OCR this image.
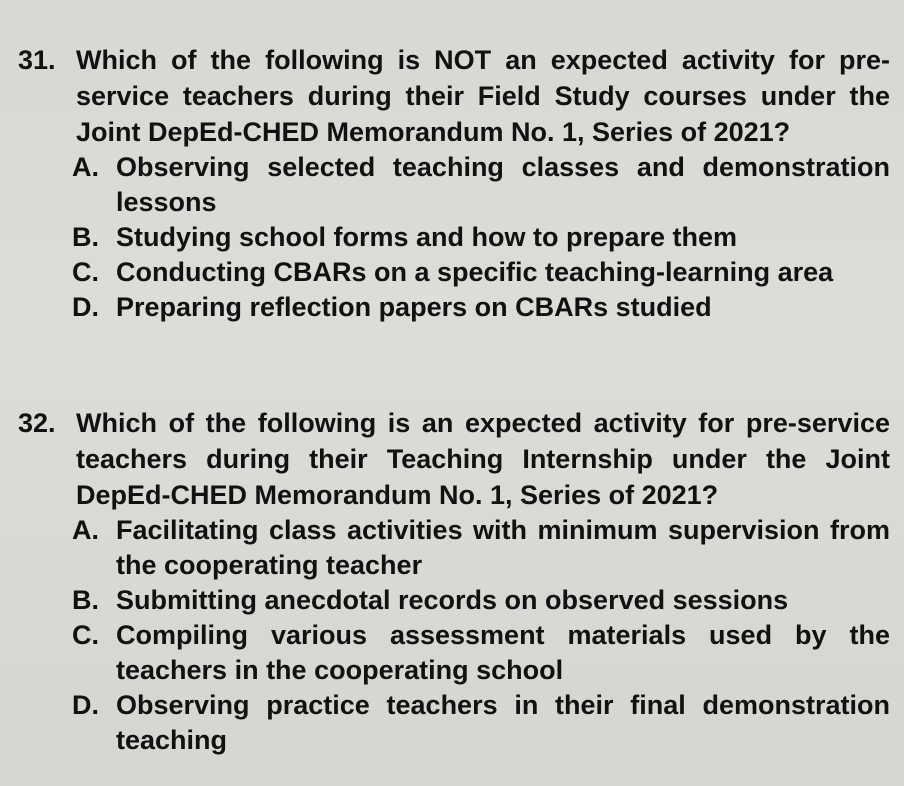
31. Which of the following is NOT an expected activity for pre-service teachers during their Field Study courses under the Joint DepEd-CHED Memorandum No. 1, Series of 2021?
A. Observing selected teaching classes and demonstration lessons
B. Studying school forms and how to prepare them
C. Conducting CBARs on a specific teaching-learning area
D. Preparing reflection papers on CBARs studied
32. Which of the following is an expected activity for pre-service teachers during their Teaching Internship under the Joint DepEd-CHED Memorandum No. 1, Series of 2021?
A. Facilitating class activities with minimum supervision from the cooperating teacher
B. Submitting anecdotal records on observed sessions
C. Compiling various assessment materials used by the teachers in the cooperating school
D. Observing practice teachers in their final demonstration teaching
